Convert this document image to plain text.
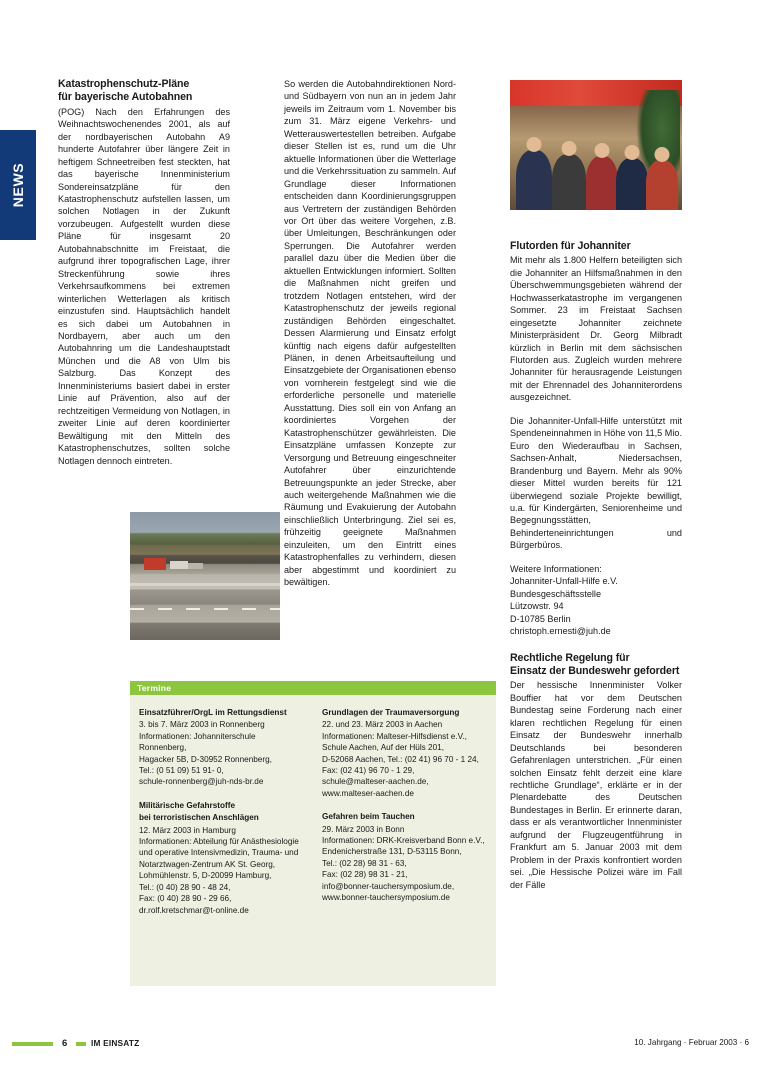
NEWS
Katastrophenschutz-Pläne
für bayerische Autobahnen

(POG) Nach den Erfahrungen des Weihnachtswochenendes 2001, als auf der nordbayerischen Autobahn A9 hunderte Autofahrer über längere Zeit in heftigem Schneetreiben fest steckten, hat das bayerische Innenministerium Sondereinsatzpläne für den Katastrophenschutz aufstellen lassen, um solchen Notlagen in der Zukunft vorzubeugen. Aufgestellt wurden diese Pläne für insgesamt 20 Autobahnabschnitte im Freistaat, die aufgrund ihrer topografischen Lage, ihrer Streckenführung sowie ihres Verkehrsaufkommens bei extremen winterlichen Wetterlagen als kritisch einzustufen sind. Hauptsächlich handelt es sich dabei um Autobahnen in Nordbayern, aber auch um den Autobahnring um die Landeshauptstadt München und die A8 von Ulm bis Salzburg. Das Konzept des Innenministeriums basiert dabei in erster Linie auf Prävention, also auf der rechtzeitigen Vermeidung von Notlagen, in zweiter Linie auf deren koordinierter Bewältigung mit den Mitteln des Katastrophenschutzes, sollten solche Notlagen dennoch eintreten.

So werden die Autobahndirektionen Nord- und Südbayern von nun an in jedem Jahr jeweils im Zeitraum vom 1. November bis zum 31. März eigene Verkehrs- und Wetterauswertestellen betreiben. Aufgabe dieser Stellen ist es, rund um die Uhr aktuelle Informationen über die Wetterlage und die Verkehrssituation zu sammeln. Auf Grundlage dieser Informationen entscheiden dann Koordinierungsgruppen aus Vertretern der zuständigen Behörden vor Ort über das weitere Vorgehen, z.B. über Umleitungen, Beschränkungen oder Sperrungen. Die Autofahrer werden parallel dazu über die Medien über die aktuellen Entwicklungen informiert. Sollten die Maßnahmen nicht greifen und trotzdem Notlagen entstehen, wird der Katastrophenschutz der jeweils regional zuständigen Behörden eingeschaltet. Dessen Alarmierung und Einsatz erfolgt künftig nach eigens dafür aufgestellten Plänen, in denen Arbeitsaufteilung und Einsatzgebiete der Organisationen ebenso von vornherein festgelegt sind wie die erforderliche personelle und materielle Ausstattung. Dies soll ein von Anfang an koordiniertes Vorgehen der Katastrophenschützer gewährleisten. Die Einsatzpläne umfassen Konzepte zur Versorgung und Betreuung eingeschneiter Autofahrer über einzurichtende Betreuungspunkte an jeder Strecke, aber auch weitergehende Maßnahmen wie die Räumung und Evakuierung der Autobahn einschließlich Unterbringung. Ziel sei es, frühzeitig geeignete Maßnahmen einzuleiten, um den Eintritt eines Katastrophenfalles zu verhindern, diesen aber abgestimmt und koordiniert zu bewältigen.

Flutorden für Johanniter

Mit mehr als 1.800 Helfern beteiligten sich die Johanniter an Hilfsmaßnahmen in den Überschwemmungsgebieten während der Hochwasserkatastrophe im vergangenen Sommer. 23 im Freistaat Sachsen eingesetzte Johanniter zeichnete Ministerpräsident Dr. Georg Milbradt kürzlich in Berlin mit dem sächsischen Flutorden aus. Zugleich wurden mehrere Johanniter für herausragende Leistungen mit der Ehrennadel des Johanniterordens ausgezeichnet.

Die Johanniter-Unfall-Hilfe unterstützt mit Spendeneinnahmen in Höhe von 11,5 Mio. Euro den Wiederaufbau in Sachsen, Sachsen-Anhalt, Niedersachsen, Brandenburg und Bayern. Mehr als 90% dieser Mittel wurden bereits für 121 überwiegend soziale Projekte bewilligt, u.a. für Kindergärten, Seniorenheime und Begegnungsstätten, Behinderteneinrichtungen und Bürgerbüros.

Weitere Informationen:
Johanniter-Unfall-Hilfe e.V.
Bundesgeschäftsstelle
Lützowstr. 94
D-10785 Berlin
christoph.ernesti@juh.de

Rechtliche Regelung für
Einsatz der Bundeswehr gefordert

Der hessische Innenminister Volker Bouffier hat vor dem Deutschen Bundestag seine Forderung nach einer klaren rechtlichen Regelung für einen Einsatz der Bundeswehr innerhalb Deutschlands bei besonderen Gefahrenlagen unterstrichen. „Für einen solchen Einsatz fehlt derzeit eine klare rechtliche Grundlage“, erklärte er in der Plenardebatte des Deutschen Bundestages in Berlin. Er erinnerte daran, dass er als verantwortlicher Innenminister aufgrund der Flugzeugentführung in Frankfurt am 5. Januar 2003 mit dem Problem in der Praxis konfrontiert worden sei. „Die Hessische Polizei wäre im Fall der Fälle

Termine
Einsatzführer/OrgL im Rettungsdienst
3. bis 7. März 2003 in Ronnenberg
Informationen: Johanniterschule Ronnenberg,
Hagacker 5B, D-30952 Ronnenberg,
Tel.: (0 51 09) 51 91- 0,
schule-ronnenberg@juh-nds-br.de
Militärische Gefahrstoffe
bei terroristischen Anschlägen
12. März 2003 in Hamburg
Informationen: Abteilung für Anästhesiologie
und operative Intensivmedizin, Trauma- und
Notarztwagen-Zentrum AK St. Georg,
Lohmühlenstr. 5, D-20099 Hamburg,
Tel.: (0 40) 28 90 - 48 24,
Fax: (0 40) 28 90 - 29 66,
dr.rolf.kretschmar@t-online.de
Grundlagen der Traumaversorgung
22. und 23. März 2003 in Aachen
Informationen: Malteser-Hilfsdienst e.V.,
Schule Aachen, Auf der Hüls 201,
D-52068 Aachen, Tel.: (02 41) 96 70 - 1 24,
Fax: (02 41) 96 70 - 1 29,
schule@malteser-aachen.de,
www.malteser-aachen.de
Gefahren beim Tauchen
29. März 2003 in Bonn
Informationen: DRK-Kreisverband Bonn e.V.,
Endenicherstraße 131, D-53115 Bonn,
Tel.: (02 28) 98 31 - 63,
Fax: (02 28) 98 31 - 21,
info@bonner-tauchersymposium.de,
www.bonner-tauchersymposium.de
6	IM EINSATZ	10. Jahrgang · Februar 2003 · 6
